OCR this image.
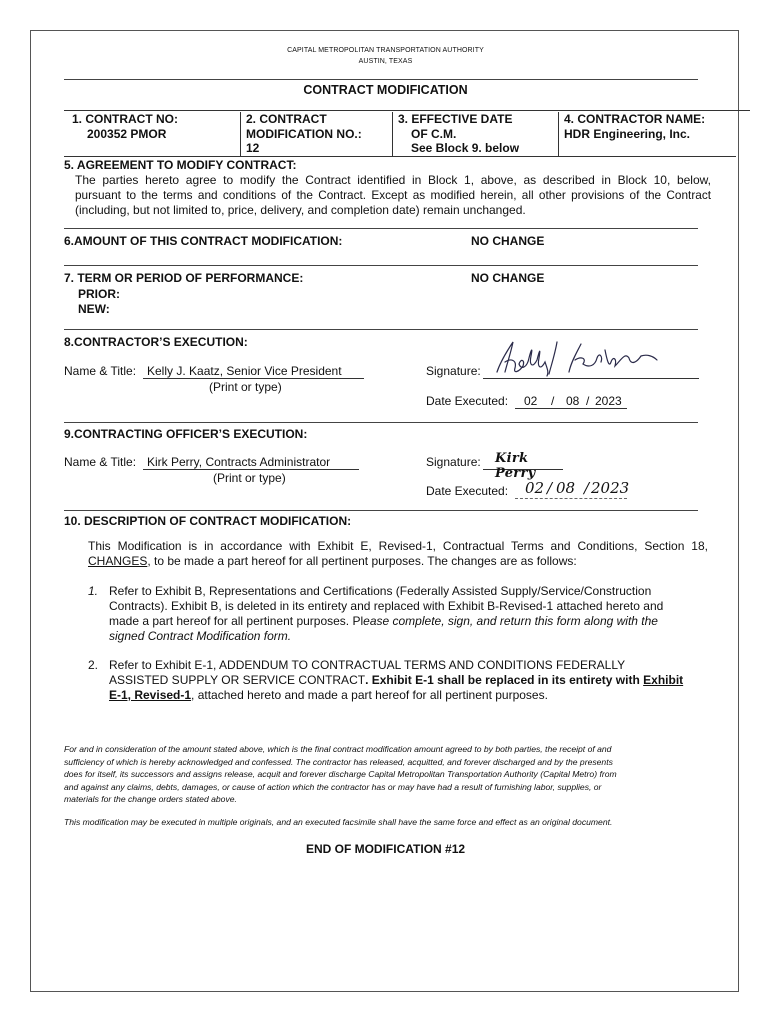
CAPITAL METROPOLITAN TRANSPORTATION AUTHORITY
AUSTIN, TEXAS
CONTRACT MODIFICATION
1. CONTRACT NO:
200352 PMOR
2. CONTRACT
MODIFICATION NO.:
12
3. EFFECTIVE DATE
OF C.M.
See Block 9. below
4. CONTRACTOR NAME:
HDR Engineering, Inc.
5. AGREEMENT TO MODIFY CONTRACT:
The parties hereto agree to modify the Contract identified in Block 1, above, as described in Block 10, below,
pursuant to the terms and conditions of the Contract. Except as modified herein, all other provisions of the Contract
(including, but not limited to, price, delivery, and completion date) remain unchanged.
6.AMOUNT OF THIS CONTRACT MODIFICATION:	NO CHANGE
7. TERM OR PERIOD OF PERFORMANCE:	NO CHANGE
PRIOR:
NEW:
8.CONTRACTOR’S EXECUTION:
Name & Title: Kelly J. Kaatz, Senior Vice President
(Print or type)
Signature:
Date Executed: 02 / 08 / 2023
9.CONTRACTING OFFICER’S EXECUTION:
Name & Title: Kirk Perry, Contracts Administrator
(Print or type)
Signature: Kirk Perry
Date Executed: 02 / 08 / 2023
10. DESCRIPTION OF CONTRACT MODIFICATION:
This Modification is in accordance with Exhibit E, Revised-1, Contractual Terms and Conditions, Section 18,
CHANGES, to be made a part hereof for all pertinent purposes. The changes are as follows:
1. Refer to Exhibit B, Representations and Certifications (Federally Assisted Supply/Service/Construction
Contracts). Exhibit B, is deleted in its entirety and replaced with Exhibit B-Revised-1 attached hereto and
made a part hereof for all pertinent purposes. Please complete, sign, and return this form along with the
signed Contract Modification form.
2. Refer to Exhibit E-1, ADDENDUM TO CONTRACTUAL TERMS AND CONDITIONS FEDERALLY
ASSISTED SUPPLY OR SERVICE CONTRACT. Exhibit E-1 shall be replaced in its entirety with Exhibit
E-1, Revised-1, attached hereto and made a part hereof for all pertinent purposes.
For and in consideration of the amount stated above, which is the final contract modification amount agreed to by both parties, the receipt of and
sufficiency of which is hereby acknowledged and confessed. The contractor has released, acquitted, and forever discharged and by the presents
does for itself, its successors and assigns release, acquit and forever discharge Capital Metropolitan Transportation Authority (Capital Metro) from
and against any claims, debts, damages, or cause of action which the contractor has or may have had a result of furnishing labor, supplies, or
materials for the change orders stated above.
This modification may be executed in multiple originals, and an executed facsimile shall have the same force and effect as an original document.
END OF MODIFICATION #12
